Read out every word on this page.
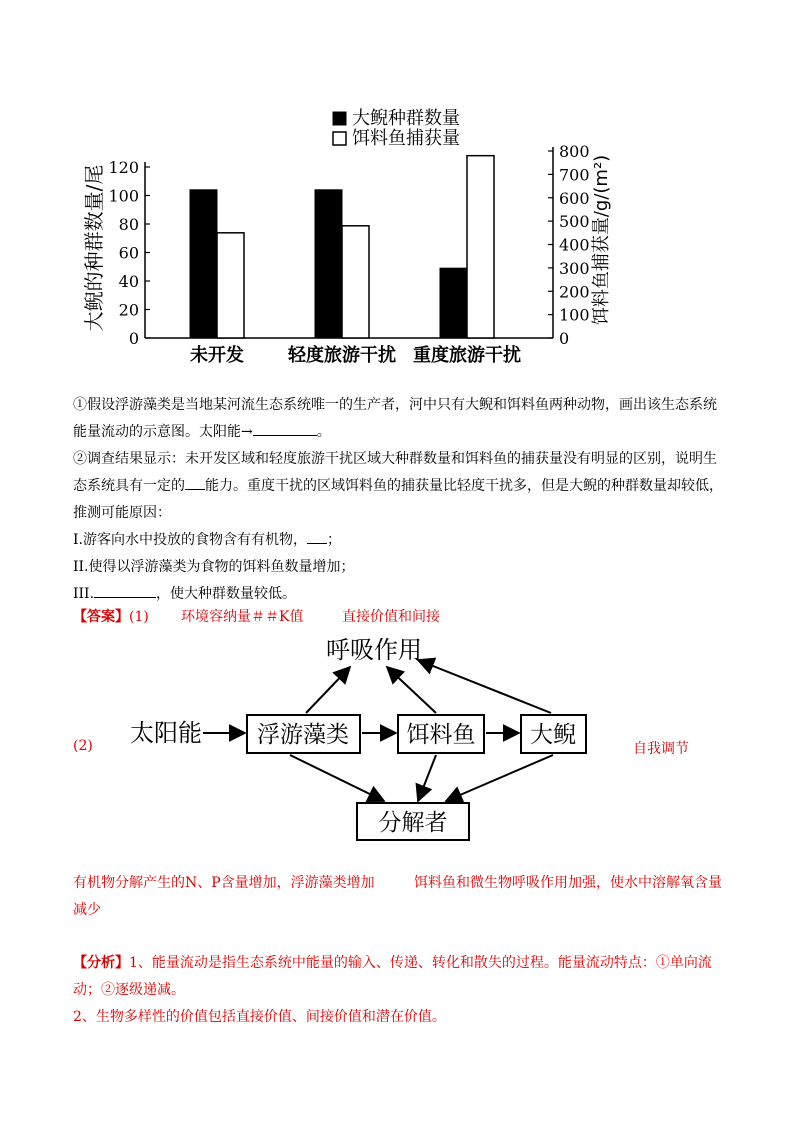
大鲵种群数量
饵料鱼捕获量
大鲵的种群数量/尾	饵料鱼捕获量/g/(m²)
0
20
40
60
80
100
120
0
100
200
300
400
500
600
700
800
未开发 轻度旅游干扰 重度旅游干扰
①假设浮游藻类是当地某河流生态系统唯一的生产者，河中只有大鲵和饵料鱼两种动物，画出该生态系统
能量流动的示意图。太阳能→	。
②调查结果显示：未开发区域和轻度旅游干扰区域大种群数量和饵料鱼的捕获量没有明显的区别，说明生
态系统具有一定的 能力。重度干扰的区域饵料鱼的捕获量比轻度干扰多，但是大鲵的种群数量却较低，
推测可能原因：
I.游客向水中投放的食物含有有机物， ；
II.使得以浮游藻类为食物的饵料鱼数量增加；
III.	，使大种群数量较低。
【答案】(1) 环境容纳量＃＃K值	直接价值和间接
(2)	自我调节
呼吸作用
太阳能 浮游藻类	饵料鱼 大鲵
分解者
有机物分解产生的N、P含量增加，浮游藻类增加	饵料鱼和微生物呼吸作用加强，使水中溶解氧含量
减少
【分析】1、能量流动是指生态系统中能量的输入、传递、转化和散失的过程。能量流动特点：①单向流
动；②逐级递减。
2、生物多样性的价值包括直接价值、间接价值和潜在价值。
